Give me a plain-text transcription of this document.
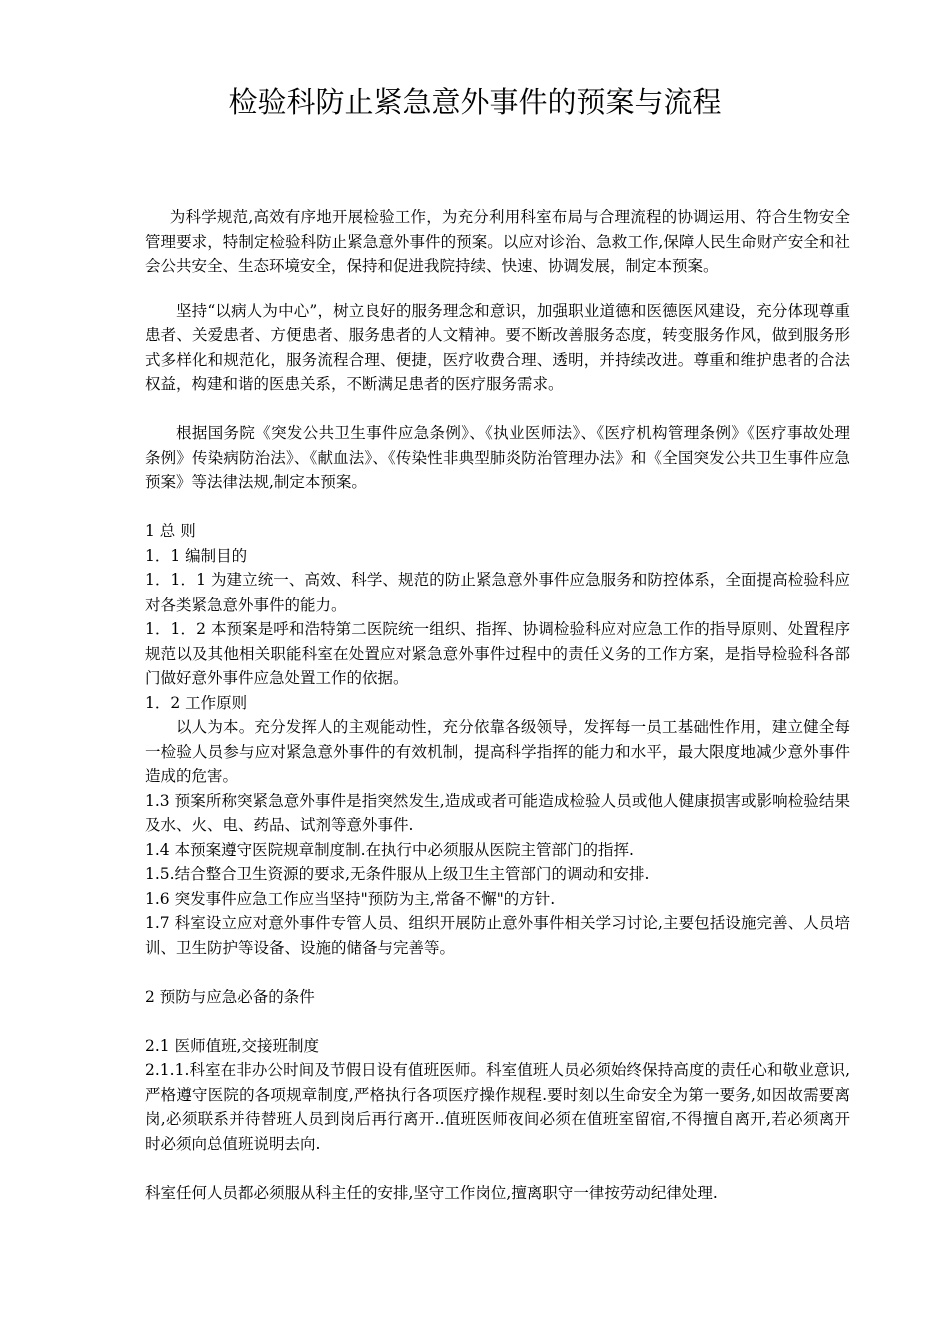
检验科防止紧急意外事件的预案与流程

为科学规范,高效有序地开展检验工作，为充分利用科室布局与合理流程的协调运用、符合生物安全管理要求，特制定检验科防止紧急意外事件的预案。以应对诊治、急救工作,保障人民生命财产安全和社会公共安全、生态环境安全，保持和促进我院持续、快速、协调发展，制定本预案。

坚持“以病人为中心”，树立良好的服务理念和意识，加强职业道德和医德医风建设，充分体现尊重患者、关爱患者、方便患者、服务患者的人文精神。要不断改善服务态度，转变服务作风，做到服务形式多样化和规范化，服务流程合理、便捷，医疗收费合理、透明，并持续改进。尊重和维护患者的合法权益，构建和谐的医患关系，不断满足患者的医疗服务需求。

根据国务院《突发公共卫生事件应急条例》、《执业医师法》、《医疗机构管理条例》《医疗事故处理条例》传染病防治法》、《献血法》、《传染性非典型肺炎防治管理办法》和《全国突发公共卫生事件应急预案》等法律法规,制定本预案。

1 总 则

1．1 编制目的

1．1．1 为建立统一、高效、科学、规范的防止紧急意外事件应急服务和防控体系，全面提高检验科应对各类紧急意外事件的能力。

1．1．2 本预案是呼和浩特第二医院统一组织、指挥、协调检验科应对应急工作的指导原则、处置程序规范以及其他相关职能科室在处置应对紧急意外事件过程中的责任义务的工作方案，是指导检验科各部门做好意外事件应急处置工作的依据。

1．2 工作原则

以人为本。充分发挥人的主观能动性，充分依靠各级领导，发挥每一员工基础性作用，建立健全每一检验人员参与应对紧急意外事件的有效机制，提高科学指挥的能力和水平，最大限度地减少意外事件造成的危害。

1.3 预案所称突紧急意外事件是指突然发生,造成或者可能造成检验人员或他人健康损害或影响检验结果及水、火、电、药品、试剂等意外事件.

1.4 本预案遵守医院规章制度制.在执行中必须服从医院主管部门的指挥.

1.5.结合整合卫生资源的要求,无条件服从上级卫生主管部门的调动和安排.

1.6 突发事件应急工作应当坚持"预防为主,常备不懈"的方针.

1.7 科室设立应对意外事件专管人员、组织开展防止意外事件相关学习讨论,主要包括设施完善、人员培训、卫生防护等设备、设施的储备与完善等。

2 预防与应急必备的条件

2.1 医师值班,交接班制度

2.1.1.科室在非办公时间及节假日设有值班医师。科室值班人员必须始终保持高度的责任心和敬业意识,严格遵守医院的各项规章制度,严格执行各项医疗操作规程.要时刻以生命安全为第一要务,如因故需要离岗,必须联系并待替班人员到岗后再行离开..值班医师夜间必须在值班室留宿,不得擅自离开,若必须离开时必须向总值班说明去向.

科室任何人员都必须服从科主任的安排,坚守工作岗位,擅离职守一律按劳动纪律处理.
